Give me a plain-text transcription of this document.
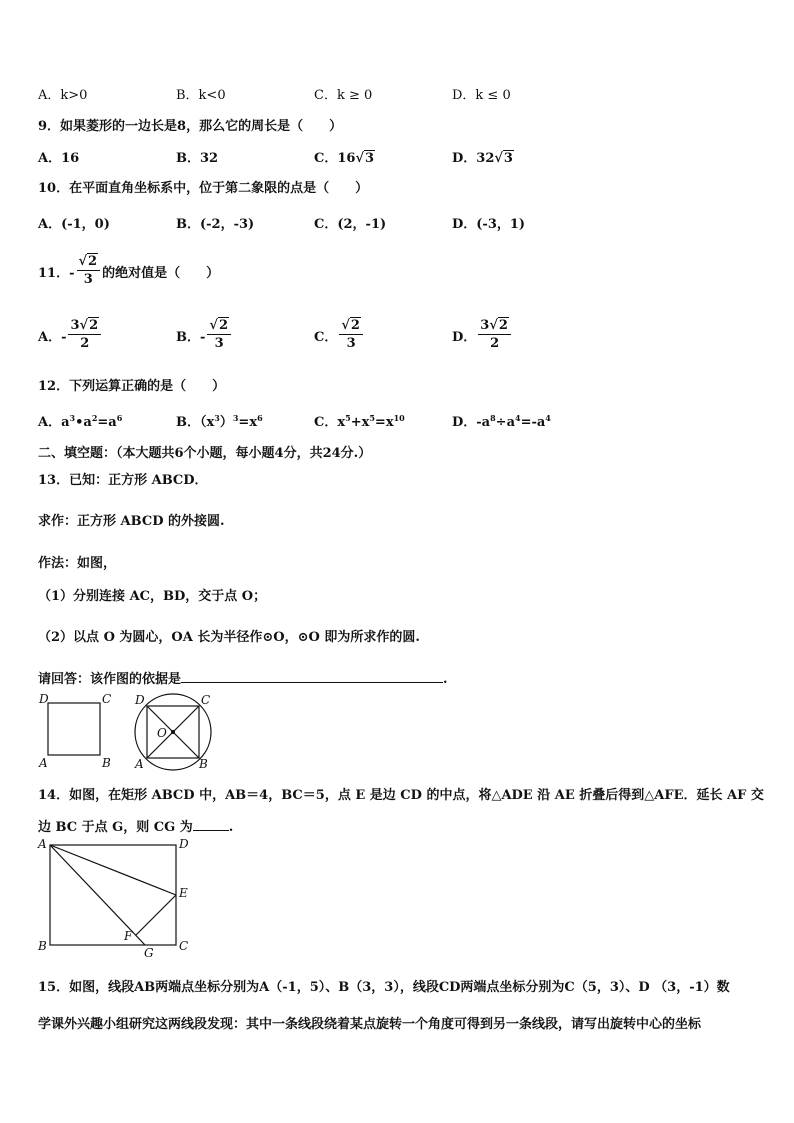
A．k>0	B．k<0	C．k ≥ 0	D．k ≤ 0
9．如果菱形的一边长是8，那么它的周长是（　　）
A．16	B．32	C．16√3	D．32√3
10．在平面直角坐标系中，位于第二象限的点是（　　）
A．(-1，0)	B．(-2，-3)	C．(2，-1)	D．(-3，1)
11．- $\frac{√2}{3}$ 的绝对值是（　　）
A．- $\frac{3√2}{2}$	B．- $\frac{√2}{3}$	C． $\frac{√2}{3}$	D． $\frac{3√2}{2}$
12．下列运算正确的是（　　）
A．$a^3•a^2=a^6$	B．$(x^3)^3=x^6$	C．$x^5+x^5=x^{10}$	D．$-a^8\div a^4=-a^4$
二、填空题：（本大题共6个小题，每小题4分，共24分.）
13．已知：正方形 ABCD．
求作：正方形 ABCD 的外接圆.
作法：如图，
（1）分别连接 AC，BD，交于点 O；
（2）以点 O 为圆心，OA 长为半径作⊙O，⊙O 即为所求作的圆.
请回答：该作图的依据是	.
D	C
A	B
D	C
A	B
O
14．如图，在矩形 ABCD 中，AB＝4，BC＝5，点 E 是边 CD 的中点，将△ADE 沿 AE 折叠后得到△AFE．延长 AF 交
边 BC 于点 G，则 CG 为	.
A	D
B	C
E
F
G
15．如图，线段AB两端点坐标分别为A（-1，5）、B（3，3），线段CD两端点坐标分别为C（5，3）、D （3，-1）数
学课外兴趣小组研究这两线段发现：其中一条线段绕着某点旋转一个角度可得到另一条线段，请写出旋转中心的坐标
